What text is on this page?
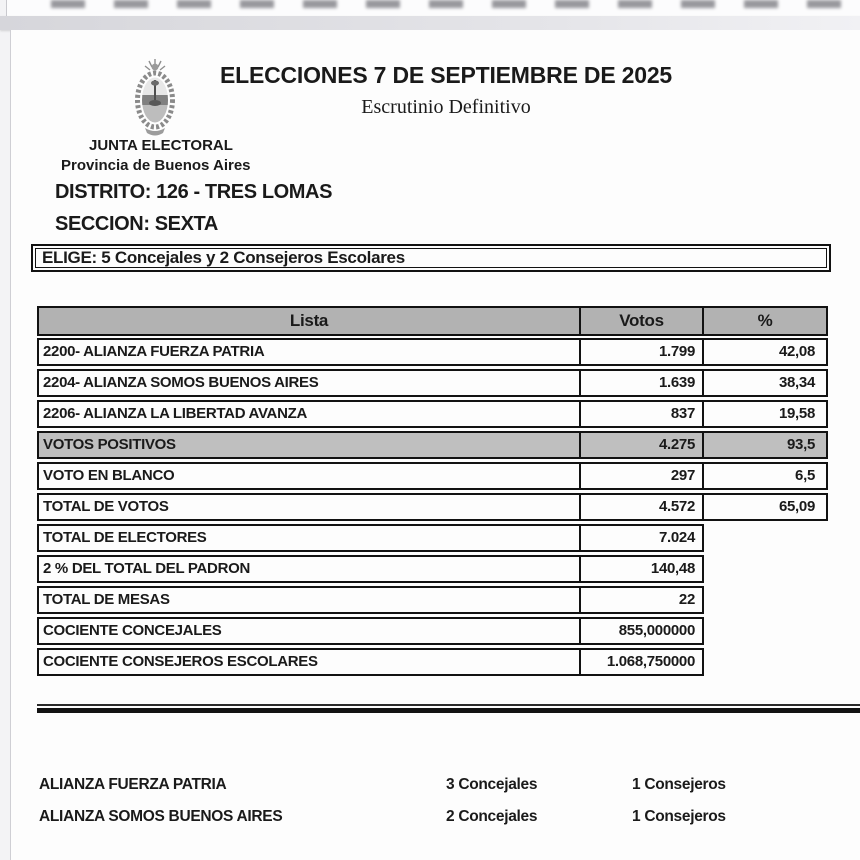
ELECCIONES 7 DE SEPTIEMBRE DE 2025
Escrutinio Definitivo
JUNTA ELECTORAL
Provincia de Buenos Aires
DISTRITO: 126 - TRES LOMAS
SECCION: SEXTA
ELIGE: 5 Concejales y 2 Consejeros Escolares
Lista	Votos	%
2200- ALIANZA FUERZA PATRIA	1.799	42,08
2204- ALIANZA SOMOS BUENOS AIRES	1.639	38,34
2206- ALIANZA LA LIBERTAD AVANZA	837	19,58
VOTOS POSITIVOS	4.275	93,5
VOTO EN BLANCO	297	6,5
TOTAL DE VOTOS	4.572	65,09
TOTAL DE ELECTORES	7.024
2 % DEL TOTAL DEL PADRON	140,48
TOTAL DE MESAS	22
COCIENTE CONCEJALES	855,000000
COCIENTE CONSEJEROS ESCOLARES	1.068,750000
ALIANZA FUERZA PATRIA	3 Concejales	1 Consejeros
ALIANZA SOMOS BUENOS AIRES	2 Concejales	1 Consejeros
